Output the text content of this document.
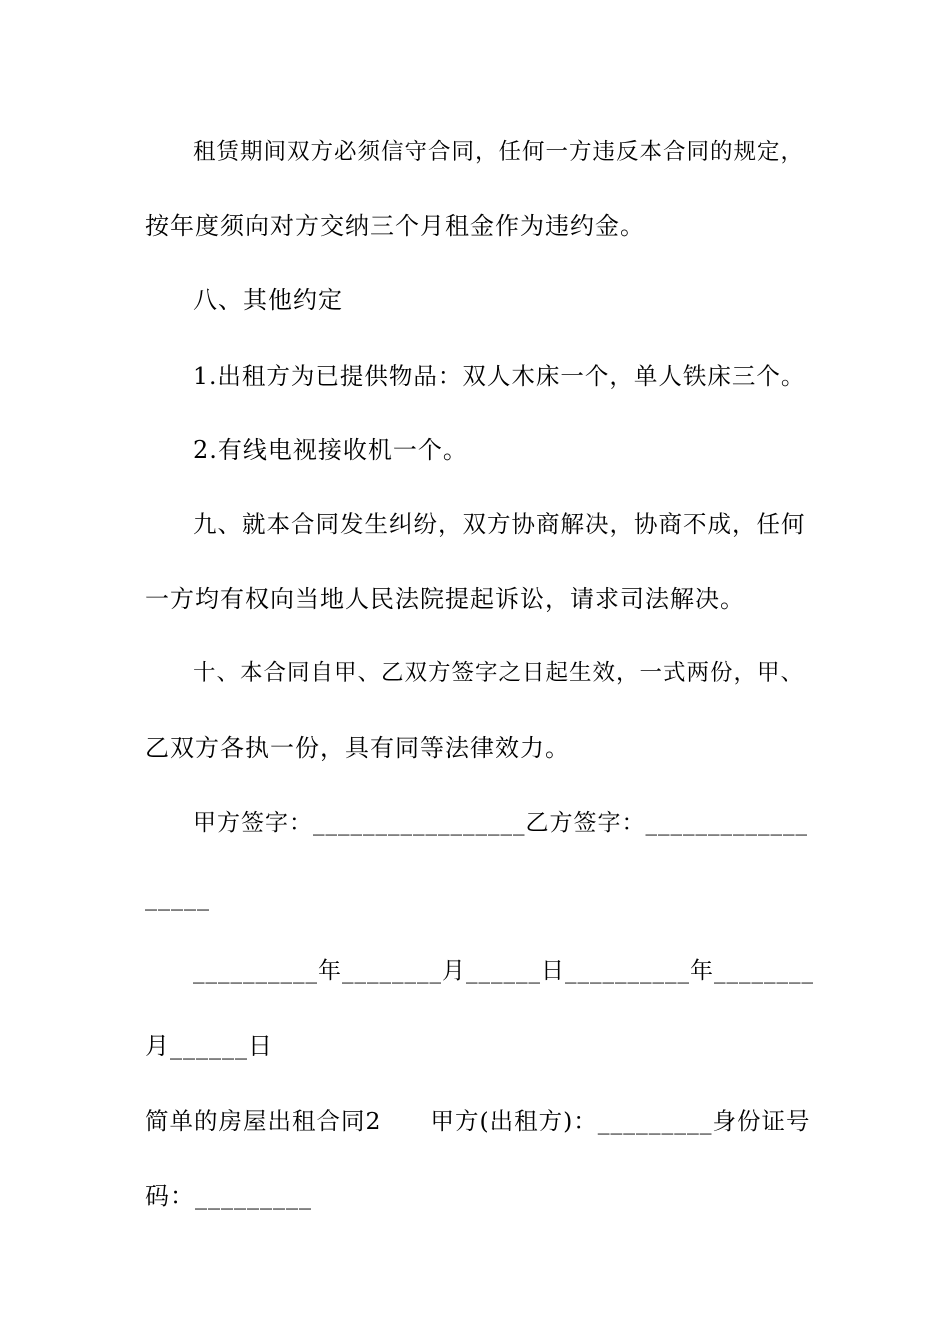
租赁期间双方必须信守合同，任何一方违反本合同的规定，
按年度须向对方交纳三个月租金作为违约金。
八、其他约定
1.出租方为已提供物品：双人木床一个，单人铁床三个。
2.有线电视接收机一个。
九、就本合同发生纠纷，双方协商解决，协商不成，任何
一方均有权向当地人民法院提起诉讼，请求司法解决。
十、本合同自甲、乙双方签字之日起生效，一式两份，甲、
乙双方各执一份，具有同等法律效力。
甲方签字：_________________乙方签字：_____________
_____
__________年________月______日__________年________
月______日
简单的房屋出租合同2　　甲方(出租方)：_________身份证号
码：_________
